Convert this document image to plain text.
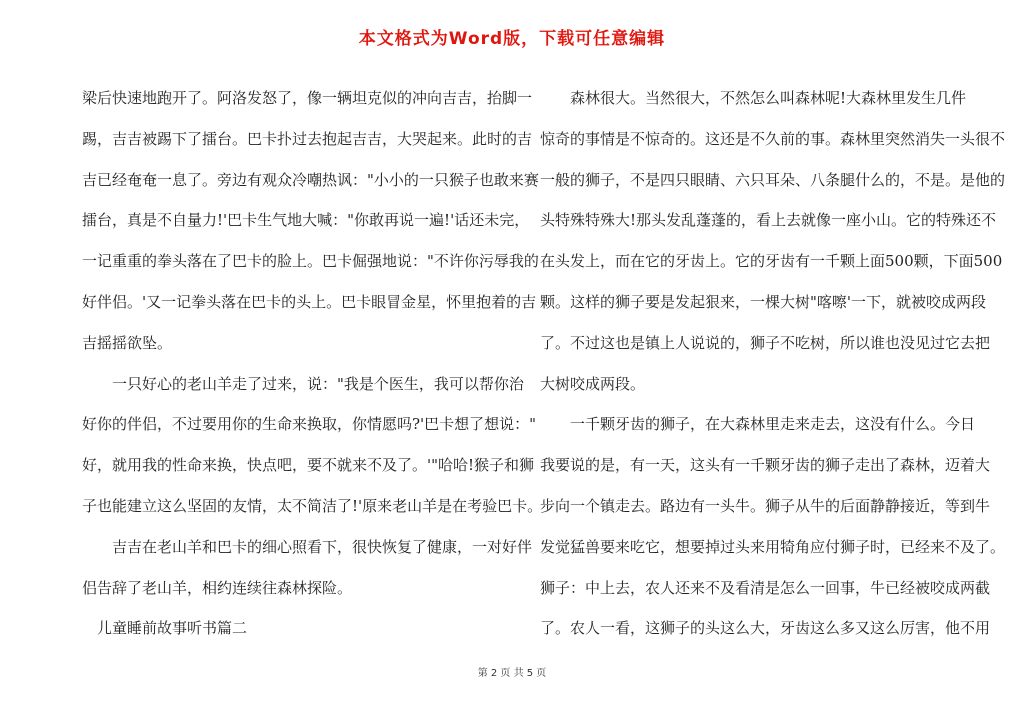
本文格式为Word版，下载可任意编辑

梁后快速地跑开了。阿洛发怒了，像一辆坦克似的冲向吉吉，抬脚一

踢，吉吉被踢下了擂台。巴卡扑过去抱起吉吉，大哭起来。此时的吉

吉已经奄奄一息了。旁边有观众冷嘲热讽："小小的一只猴子也敢来赛

擂台，真是不自量力!'巴卡生气地大喊："你敢再说一遍!'话还未完，

一记重重的拳头落在了巴卡的脸上。巴卡倔强地说："不许你污辱我的

好伴侣。'又一记拳头落在巴卡的头上。巴卡眼冒金星，怀里抱着的吉

吉摇摇欲坠。

　　一只好心的老山羊走了过来，说："我是个医生，我可以帮你治

好你的伴侣，不过要用你的生命来换取，你情愿吗?'巴卡想了想说："

好，就用我的性命来换，快点吧，要不就来不及了。'"哈哈!猴子和狮

子也能建立这么坚固的友情，太不简洁了!'原来老山羊是在考验巴卡。

　　吉吉在老山羊和巴卡的细心照看下，很快恢复了健康，一对好伴

侣告辞了老山羊，相约连续往森林探险。

　儿童睡前故事听书篇二

　　森林很大。当然很大，不然怎么叫森林呢!大森林里发生几件

惊奇的事情是不惊奇的。这还是不久前的事。森林里突然消失一头很不

一般的狮子，不是四只眼睛、六只耳朵、八条腿什么的，不是。是他的

头特殊特殊大!那头发乱蓬蓬的，看上去就像一座小山。它的特殊还不

在头发上，而在它的牙齿上。它的牙齿有一千颗上面500颗，下面500

颗。这样的狮子要是发起狠来，一棵大树"喀嚓'一下，就被咬成两段

了。不过这也是镇上人说说的，狮子不吃树，所以谁也没见过它去把

大树咬成两段。

　　一千颗牙齿的狮子，在大森林里走来走去，这没有什么。今日

我要说的是，有一天，这头有一千颗牙齿的狮子走出了森林，迈着大

步向一个镇走去。路边有一头牛。狮子从牛的后面静静接近，等到牛

发觉猛兽要来吃它，想要掉过头来用犄角应付狮子时，已经来不及了。

狮子：中上去，农人还来不及看清是怎么一回事，牛已经被咬成两截

了。农人一看，这狮子的头这么大，牙齿这么多又这么厉害，他不用

第 2 页 共 5 页
